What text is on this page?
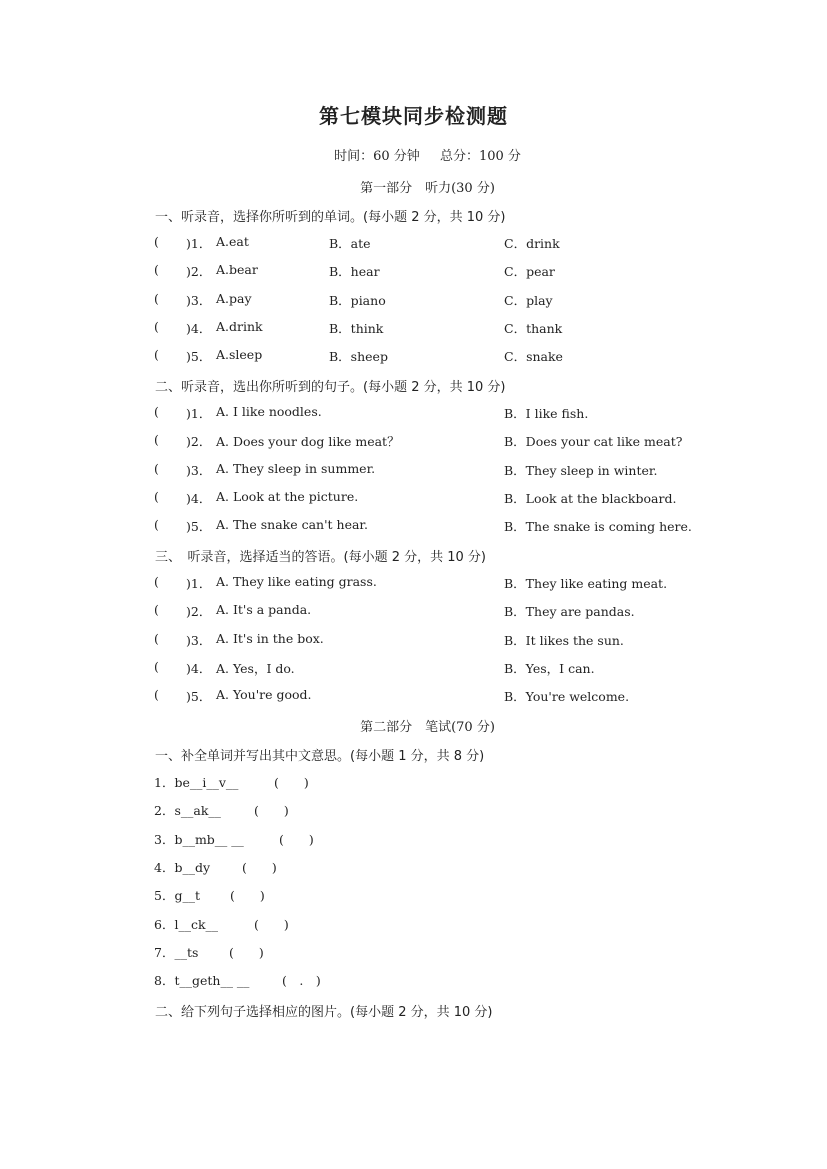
第七模块同步检测题
时间：60 分钟 总分：100 分
第一部分　听力(30 分)
一、听录音，选择你所听到的单词。(每小题 2 分，共 10 分)
( )1． A.eat	B．ate	C．drink
( )2． A.bear	B．hear	C．pear
( )3． A.pay	B．piano	C．play
( )4． A.drink	B．think	C．thank
( )5． A.sleep	B．sheep	C．snake
二、听录音，选出你所听到的句子。(每小题 2 分，共 10 分)
( )1． A. I like noodles.	B．I like fish.
( )2． A. Does your dog like meat？	B．Does your cat like meat?
( )3． A. They sleep in summer.	B．They sleep in winter.
( )4． A. Look at the picture.	B．Look at the blackboard.
( )5． A. The snake can't hear.	B．The snake is coming here.
三、　听录音，选择适当的答语。(每小题 2 分，共 10 分)
( )1． A. They like eating grass.	B．They like eating meat.
( )2． A. It's a panda.	B．They are pandas.
( )3． A. It's in the box.	B．It likes the sun.
( )4． A. Yes，I do.	B．Yes，I can.
( )5． A. You're good.	B．You're welcome.
第二部分　笔试(70 分)
一、补全单词并写出其中文意思。(每小题 1 分，共 8 分)
1．be__i__v__	(　　)
2．s__ak__	(　　)
3．b__mb__ __	(　　)
4．b__dy	(　　)
5．g__t (　　)
6．l__ck__	(　　)
7．__ts (　　)
8．t__geth__ __	(　.　)
二、给下列句子选择相应的图片。(每小题 2 分，共 10 分)
